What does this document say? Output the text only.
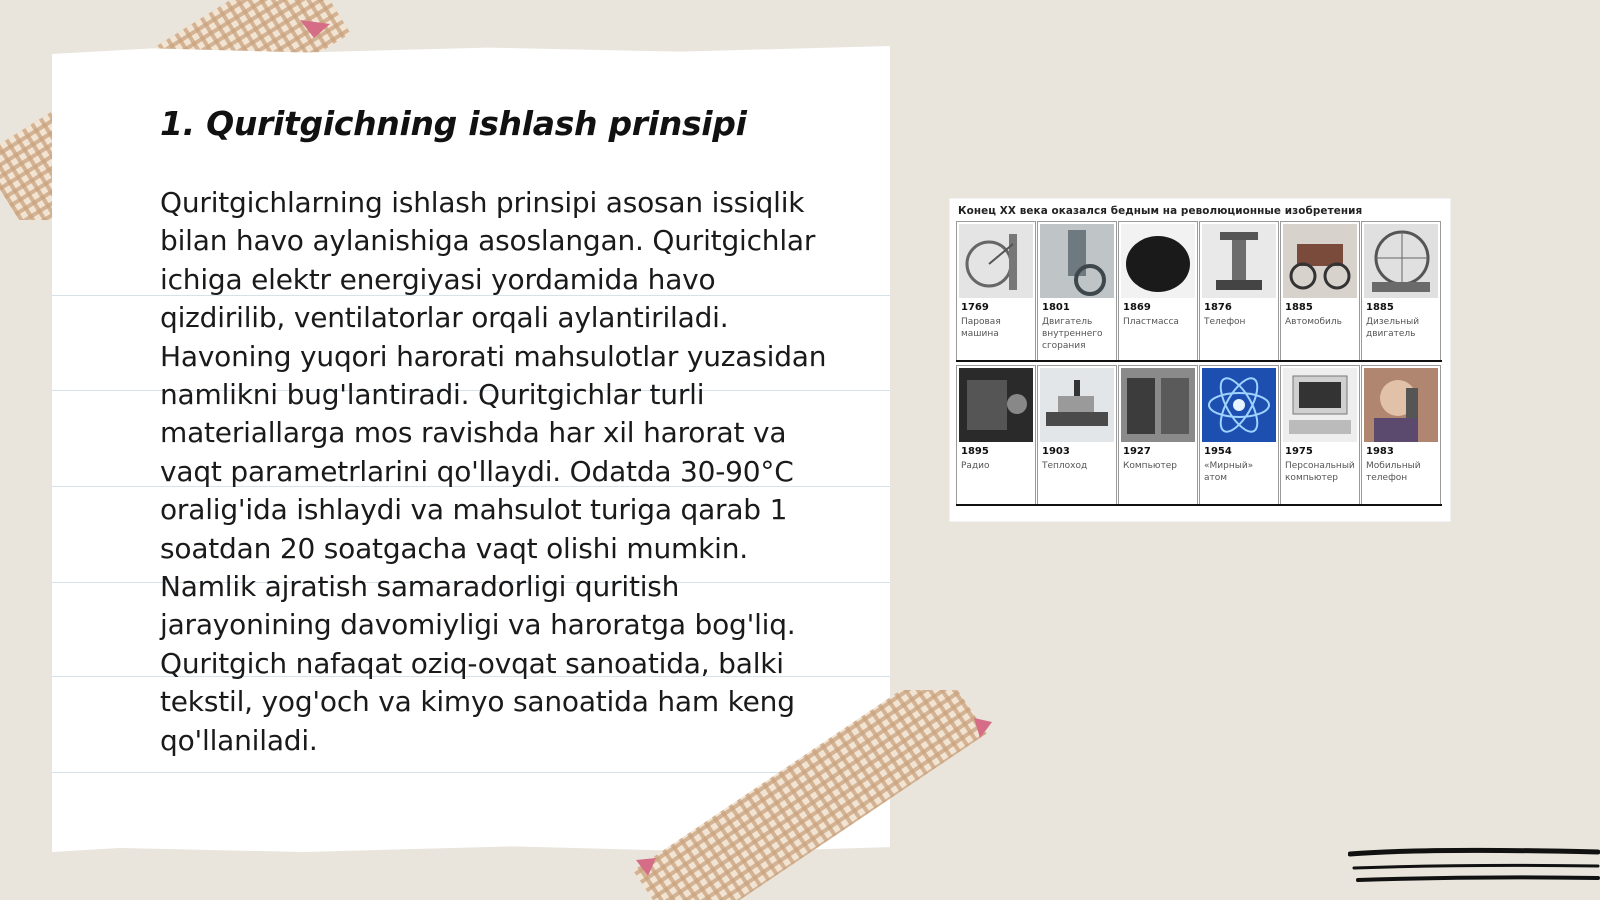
1. Quritgichning ishlash prinsipi

Quritgichlarning ishlash prinsipi asosan issiqlik bilan havo aylanishiga asoslangan. Quritgichlar ichiga elektr energiyasi yordamida havo qizdirilib, ventilatorlar orqali aylantiriladi. Havoning yuqori harorati mahsulotlar yuzasidan namlikni bug'lantiradi. Quritgichlar turli materiallarga mos ravishda har xil harorat va vaqt parametrlarini qo'llaydi. Odatda 30-90°C oralig'ida ishlaydi va mahsulot turiga qarab 1 soatdan 20 soatgacha vaqt olishi mumkin. Namlik ajratish samaradorligi quritish jarayonining davomiyligi va haroratga bog'liq. Quritgich nafaqat oziq-ovqat sanoatida, balki tekstil, yog'och va kimyo sanoatida ham keng qo'llaniladi.

Конец XX века оказался бедным на революционные изобретения

1769

Паровая машина

1801

Двигатель внутреннего сгорания

1869

Пластмасса

1876

Телефон

1885

Автомобиль

1885

Дизельный двигатель

1895

Радио

1903

Теплоход

1927

Компьютер

1954

«Мирный» атом

1975

Персональный компьютер

1983

Мобильный телефон
